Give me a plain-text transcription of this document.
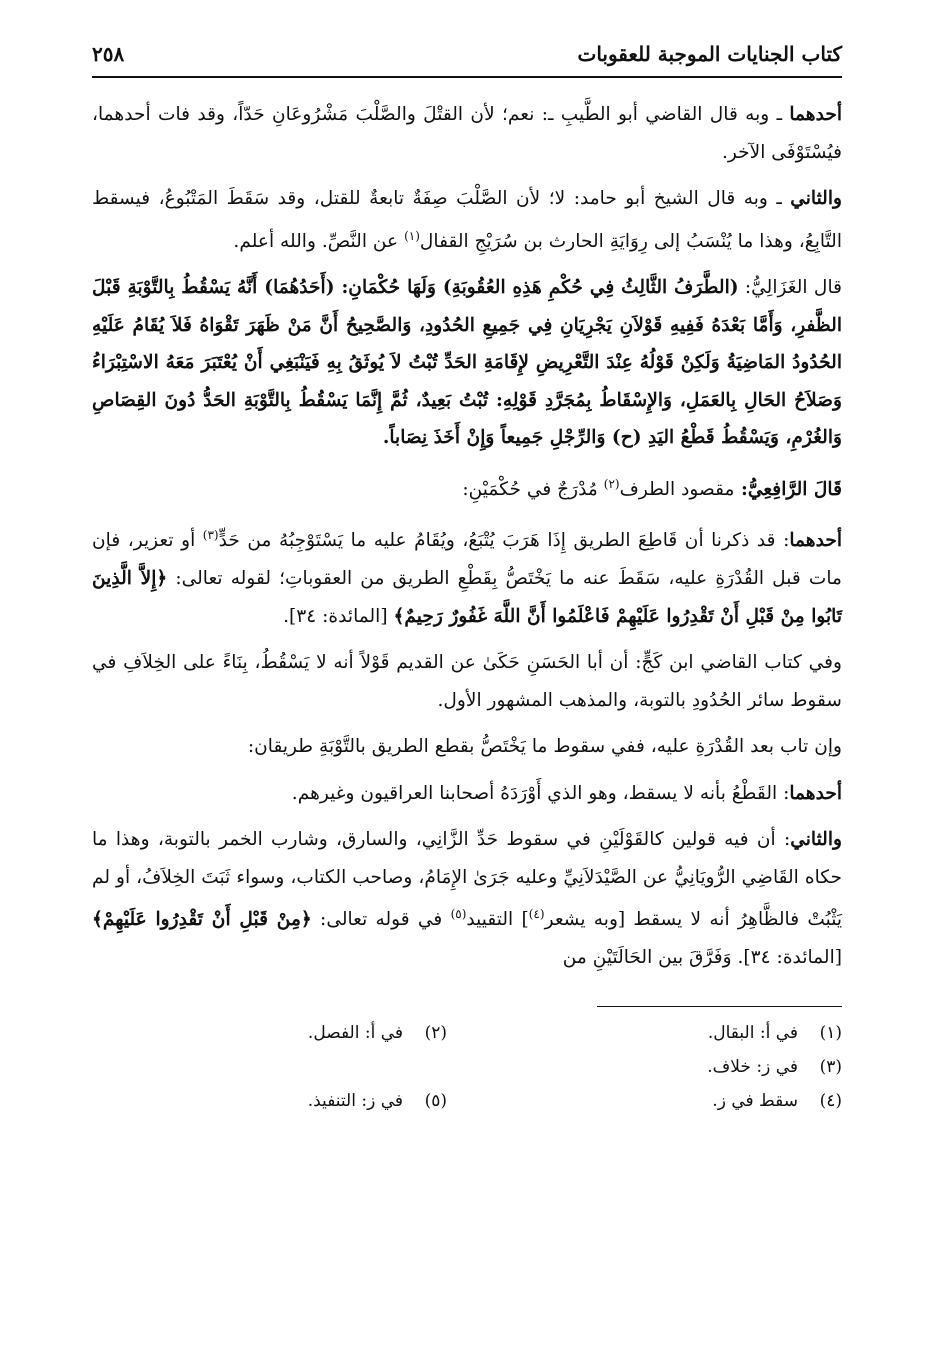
كتاب الجنايات الموجبة للعقوبات
٢٥٨

أحدهما ـ وبه قال القاضي أبو الطَّيبِ ـ: نعم؛ لأن القتْلَ والصَّلْبَ مَشْرُوعَانِ حَدّاً، وقد فات أحدهما، فيُسْتَوْفَى الآخر.

والثاني ـ وبه قال الشيخ أبو حامد: لا؛ لأن الصَّلْبَ صِفَةٌ تابعةٌ للقتل، وقد سَقَطَ المَتْبُوعُ، فيسقط التَّابِعُ، وهذا ما يُنْسَبُ إلى رِوَايَةِ الحارث بن سُرَيْجِ القفال$^{(١)}$ عن النَّصِّ. والله أعلم.

قال الغَزَالِيُّ: (الطَّرَفُ الثَّالِثُ فِي حُكْمِ هَذِهِ العُقُوبَةِ) وَلَهَا حُكْمَانِ: (أَحَدُهُمَا) أَنَّهُ يَسْقُطُ بِالتَّوْبَةِ قَبْلَ الظَّفرِ، وَأَمَّا بَعْدَهُ فَفِيهِ قَوْلاَنِ يَجْرِيَانِ فِي جَمِيعِ الحُدُودِ، وَالصَّحِيحُ أَنَّ مَنْ ظَهَرَ تَقْوَاهُ فَلاَ يُقَامُ عَلَيْهِ الحُدُودُ المَاضِيَةُ وَلَكِنْ قَوْلُهُ عِنْدَ التَّعْرِيضِ لإِقَامَةِ الحَدِّ تُبْتُ لاَ يُوثَقُ بِهِ فَيَنْبَغِي أَنْ يُعْتَبَرَ مَعَهُ الاسْتِبْرَاءُ وَصَلاَحُ الحَالِ بِالعَمَلِ، وَالإِسْقَاطُ بِمُجَرَّدِ قَوْلِهِ: تُبْتُ بَعِيدٌ، ثُمَّ إِنَّمَا يَسْقُطُ بِالتَّوْبَةِ الحَدُّ دُونَ القِصَاصِ وَالغُرْمِ، وَيَسْقُطُ قَطْعُ اليَدِ (ح) وَالرِّجْلِ جَمِيعاً وَإِنْ أَخَذَ نِصَاباً.

قَالَ الرَّافِعِيُّ: مقصود الطرف$^{(٢)}$ مُدْرَجٌ في حُكْمَيْنِ:

أحدهما: قد ذكرنا أن قَاطِعَ الطريق إِذَا هَرَبَ يُتْبَعُ، ويُقَامُ عليه ما يَسْتَوْجِبُهُ من حَدٍّ$^{(٣)}$ أو تعزير، فإن مات قبل القُدْرَةِ عليه، سَقَطَ عنه ما يَخْتَصُّ بِقَطْعِ الطريق من العقوباتِ؛ لقوله تعالى: ﴿إِلاَّ الَّذِينَ تَابُوا مِنْ قَبْلِ أَنْ تَقْدِرُوا عَلَيْهِمْ فَاعْلَمُوا أَنَّ اللَّهَ غَفُورٌ رَحِيمٌ﴾ [المائدة: ٣٤].

وفي كتاب القاضي ابن كَجٍّ: أن أبا الحَسَنِ حَكَىٰ عن القديم قَوْلاً أنه لا يَسْقُطُ، بِنَاءً على الخِلاَفِ في سقوط سائر الحُدُودِ بالتوبة، والمذهب المشهور الأول.

وإن تاب بعد القُدْرَةِ عليه، ففي سقوط ما يَخْتَصُّ بقطع الطريق بالتَّوْبَةِ طريقان:

أحدهما: القَطْعُ بأنه لا يسقط، وهو الذي أَوْرَدَهُ أصحابنا العراقيون وغيرهم.

والثاني: أن فيه قولين كالقَوْلَيْنِ في سقوط حَدِّ الزَّانِي، والسارق، وشارب الخمر بالتوبة، وهذا ما حكاه القَاضِي الرُّويَانِيُّ عن الصَّيْدَلاَنِيِّ وعليه جَرَىٰ الإِمَامُ، وصاحب الكتاب، وسواء ثَبَتَ الخِلاَفُ، أو لم يَثْبُتْ فالظَّاهِرُ أنه لا يسقط [وبه يشعر$^{(٤)}$] التقييد$^{(٥)}$ في قوله تعالى: ﴿مِنْ قَبْلِ أَنْ تَقْدِرُوا عَلَيْهِمْ﴾ [المائدة: ٣٤]. وَفَرَّقَ بين الحَالَتَيْنِ من

(١)
في أ: البقال.
(٢)
في أ: الفصل.
(٣)
في ز: خلاف.
(٤)
سقط في ز.
(٥)
في ز: التنفيذ.
